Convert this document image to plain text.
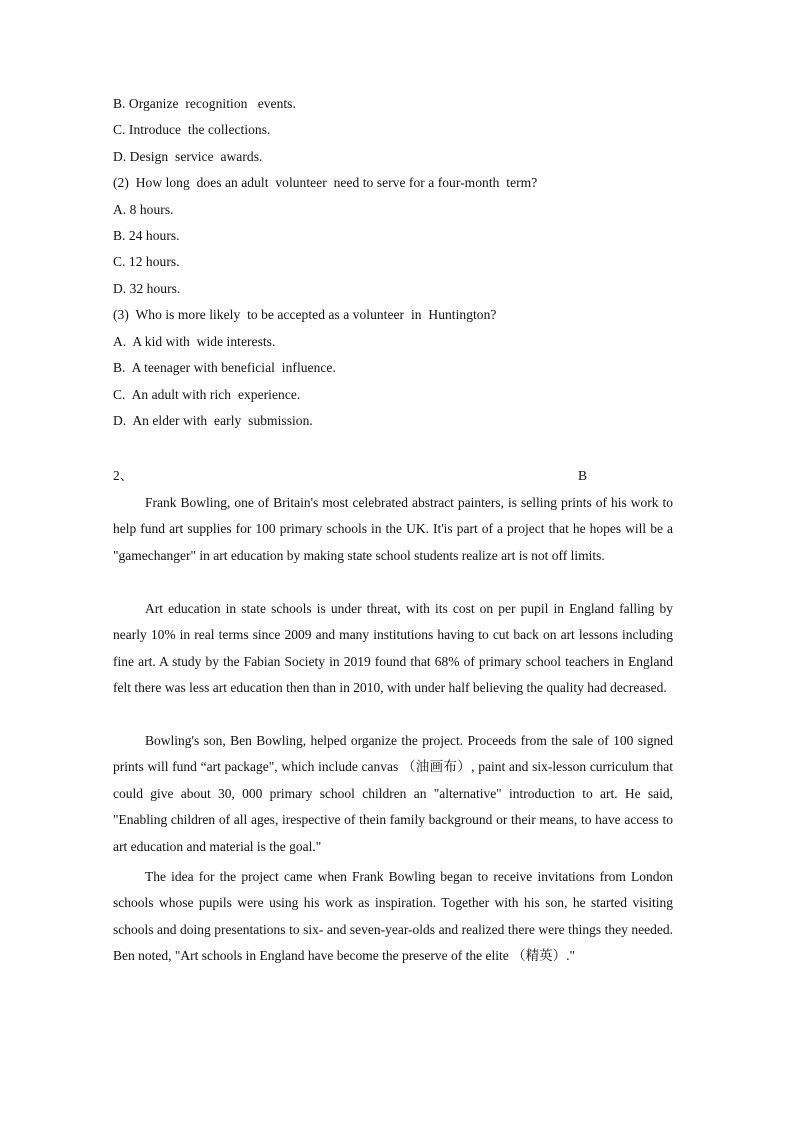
B. Organize  recognition   events.
C. Introduce  the collections.
D. Design  service  awards.
(2)  How long  does an adult  volunteer  need to serve for a four-month  term?
A. 8 hours.
B. 24 hours.
C. 12 hours.
D. 32 hours.
(3)  Who is more likely  to be accepted as a volunteer  in  Huntington?
A.  A kid with  wide interests.
B.  A teenager with beneficial  influence.
C.  An adult with rich  experience.
D.  An elder with  early  submission.
2、	B
Frank Bowling, one of Britain's most celebrated abstract painters, is selling prints of his work to help fund art supplies for 100 primary schools in the UK. It'is part of a project that he hopes will be a "gamechanger" in art education by making state school students realize art is not off limits.
Art education in state schools is under threat, with its cost on per pupil in England falling by nearly 10% in real terms since 2009 and many institutions having to cut back on art lessons including fine art. A study by the Fabian Society in 2019 found that 68% of primary school teachers in England felt there was less art education then than in 2010, with under half believing the quality had decreased.
Bowling's son, Ben Bowling, helped organize the project. Proceeds from the sale of 100 signed prints will fund “art package", which include canvas （油画布）, paint and six-lesson curriculum that could give about 30, 000 primary school children an "alternative" introduction to art. He said, "Enabling children of all ages, irespective of thein family background or their means, to have access to art education and material is the goal."
The idea for the project came when Frank Bowling began to receive invitations from London schools whose pupils were using his work as inspiration. Together with his son, he started visiting schools and doing presentations to six- and seven-year-olds and realized there were things they needed. Ben noted, "Art schools in England have become the preserve of the elite （精英）."
